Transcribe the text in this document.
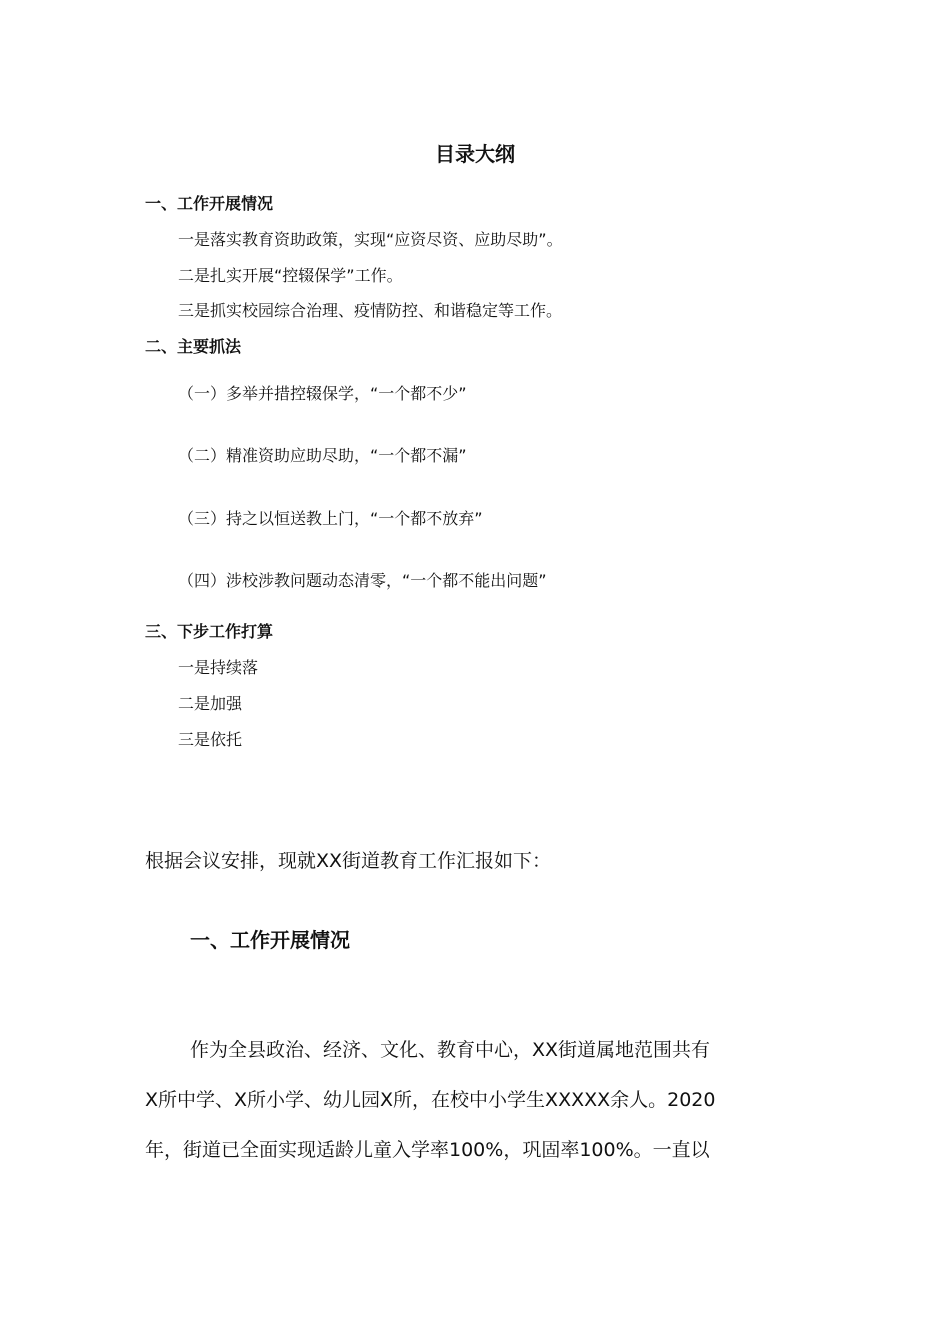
目录大纲
一、工作开展情况
一是落实教育资助政策，实现“应资尽资、应助尽助”。
二是扎实开展“控辍保学”工作。
三是抓实校园综合治理、疫情防控、和谐稳定等工作。
二、主要抓法
（一）多举并措控辍保学，“一个都不少”
（二）精准资助应助尽助，“一个都不漏”
（三）持之以恒送教上门，“一个都不放弃”
（四）涉校涉教问题动态清零，“一个都不能出问题”
三、下步工作打算
一是持续落
二是加强
三是依托
根据会议安排，现就XX街道教育工作汇报如下：
一、工作开展情况
作为全县政治、经济、文化、教育中心，XX街道属地范围共有
X所中学、X所小学、幼儿园X所，在校中小学生XXXXX余人。2020
年，街道已全面实现适龄儿童入学率100%，巩固率100%。一直以
